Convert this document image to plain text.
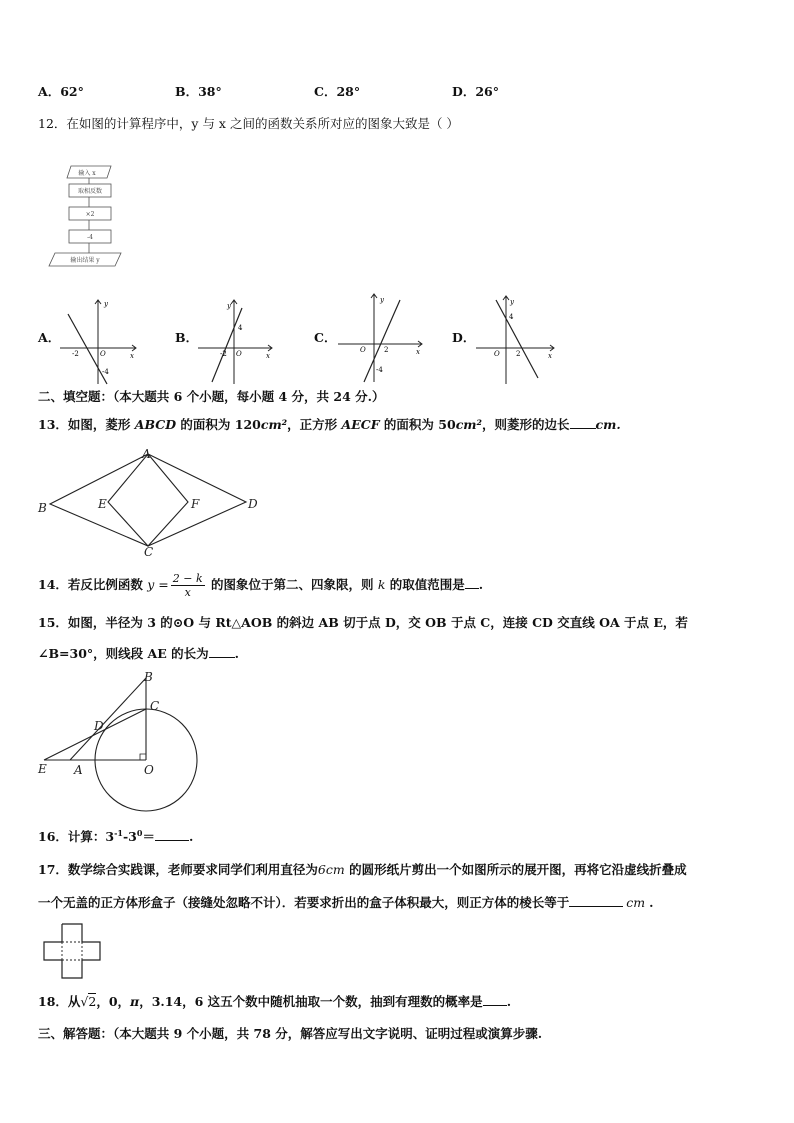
A．62°	B．38°	C．28°	D．26°
12．在如图的计算程序中，y 与 x 之间的函数关系所对应的图象大致是（ ）
输入 x
取相反数
×2
-4
输出结果 y
A．	B．	C．	D．
y
x
O
-2
-4
y
x
O
-2
4
y
x
O	2
-4
y
x
O 2
4
二、填空题：（本大题共 6 个小题，每小题 4 分，共 24 分.）
13．如图，菱形 ABCD 的面积为 120cm²，正方形 AECF 的面积为 50cm²，则菱形的边长 cm.
A
B
C
D
E	F
14．若反比例函数 $y = \frac{2 - k}{x}$ 的图象位于第二、四象限，则 k 的取值范围是 .
15．如图，半径为 3 的⊙O 与 Rt△AOB 的斜边 AB 切于点 D，交 OB 于点 C，连接 CD 交直线 OA 于点 E，若
∠B=30°，则线段 AE 的长为 .
B
C
D
E A	O
16．计算：$3^{-1}-3^0=$	.
17．数学综合实践课，老师要求同学们利用直径为6cm 的圆形纸片剪出一个如图所示的展开图，再将它沿虚线折叠成
一个无盖的正方体形盒子（接缝处忽略不计）．若要求折出的盒子体积最大，则正方体的棱长等于	cm .
18．从√2，0，π，3.14，6 这五个数中随机抽取一个数，抽到有理数的概率是 .
三、解答题：（本大题共 9 个小题，共 78 分，解答应写出文字说明、证明过程或演算步骤.
